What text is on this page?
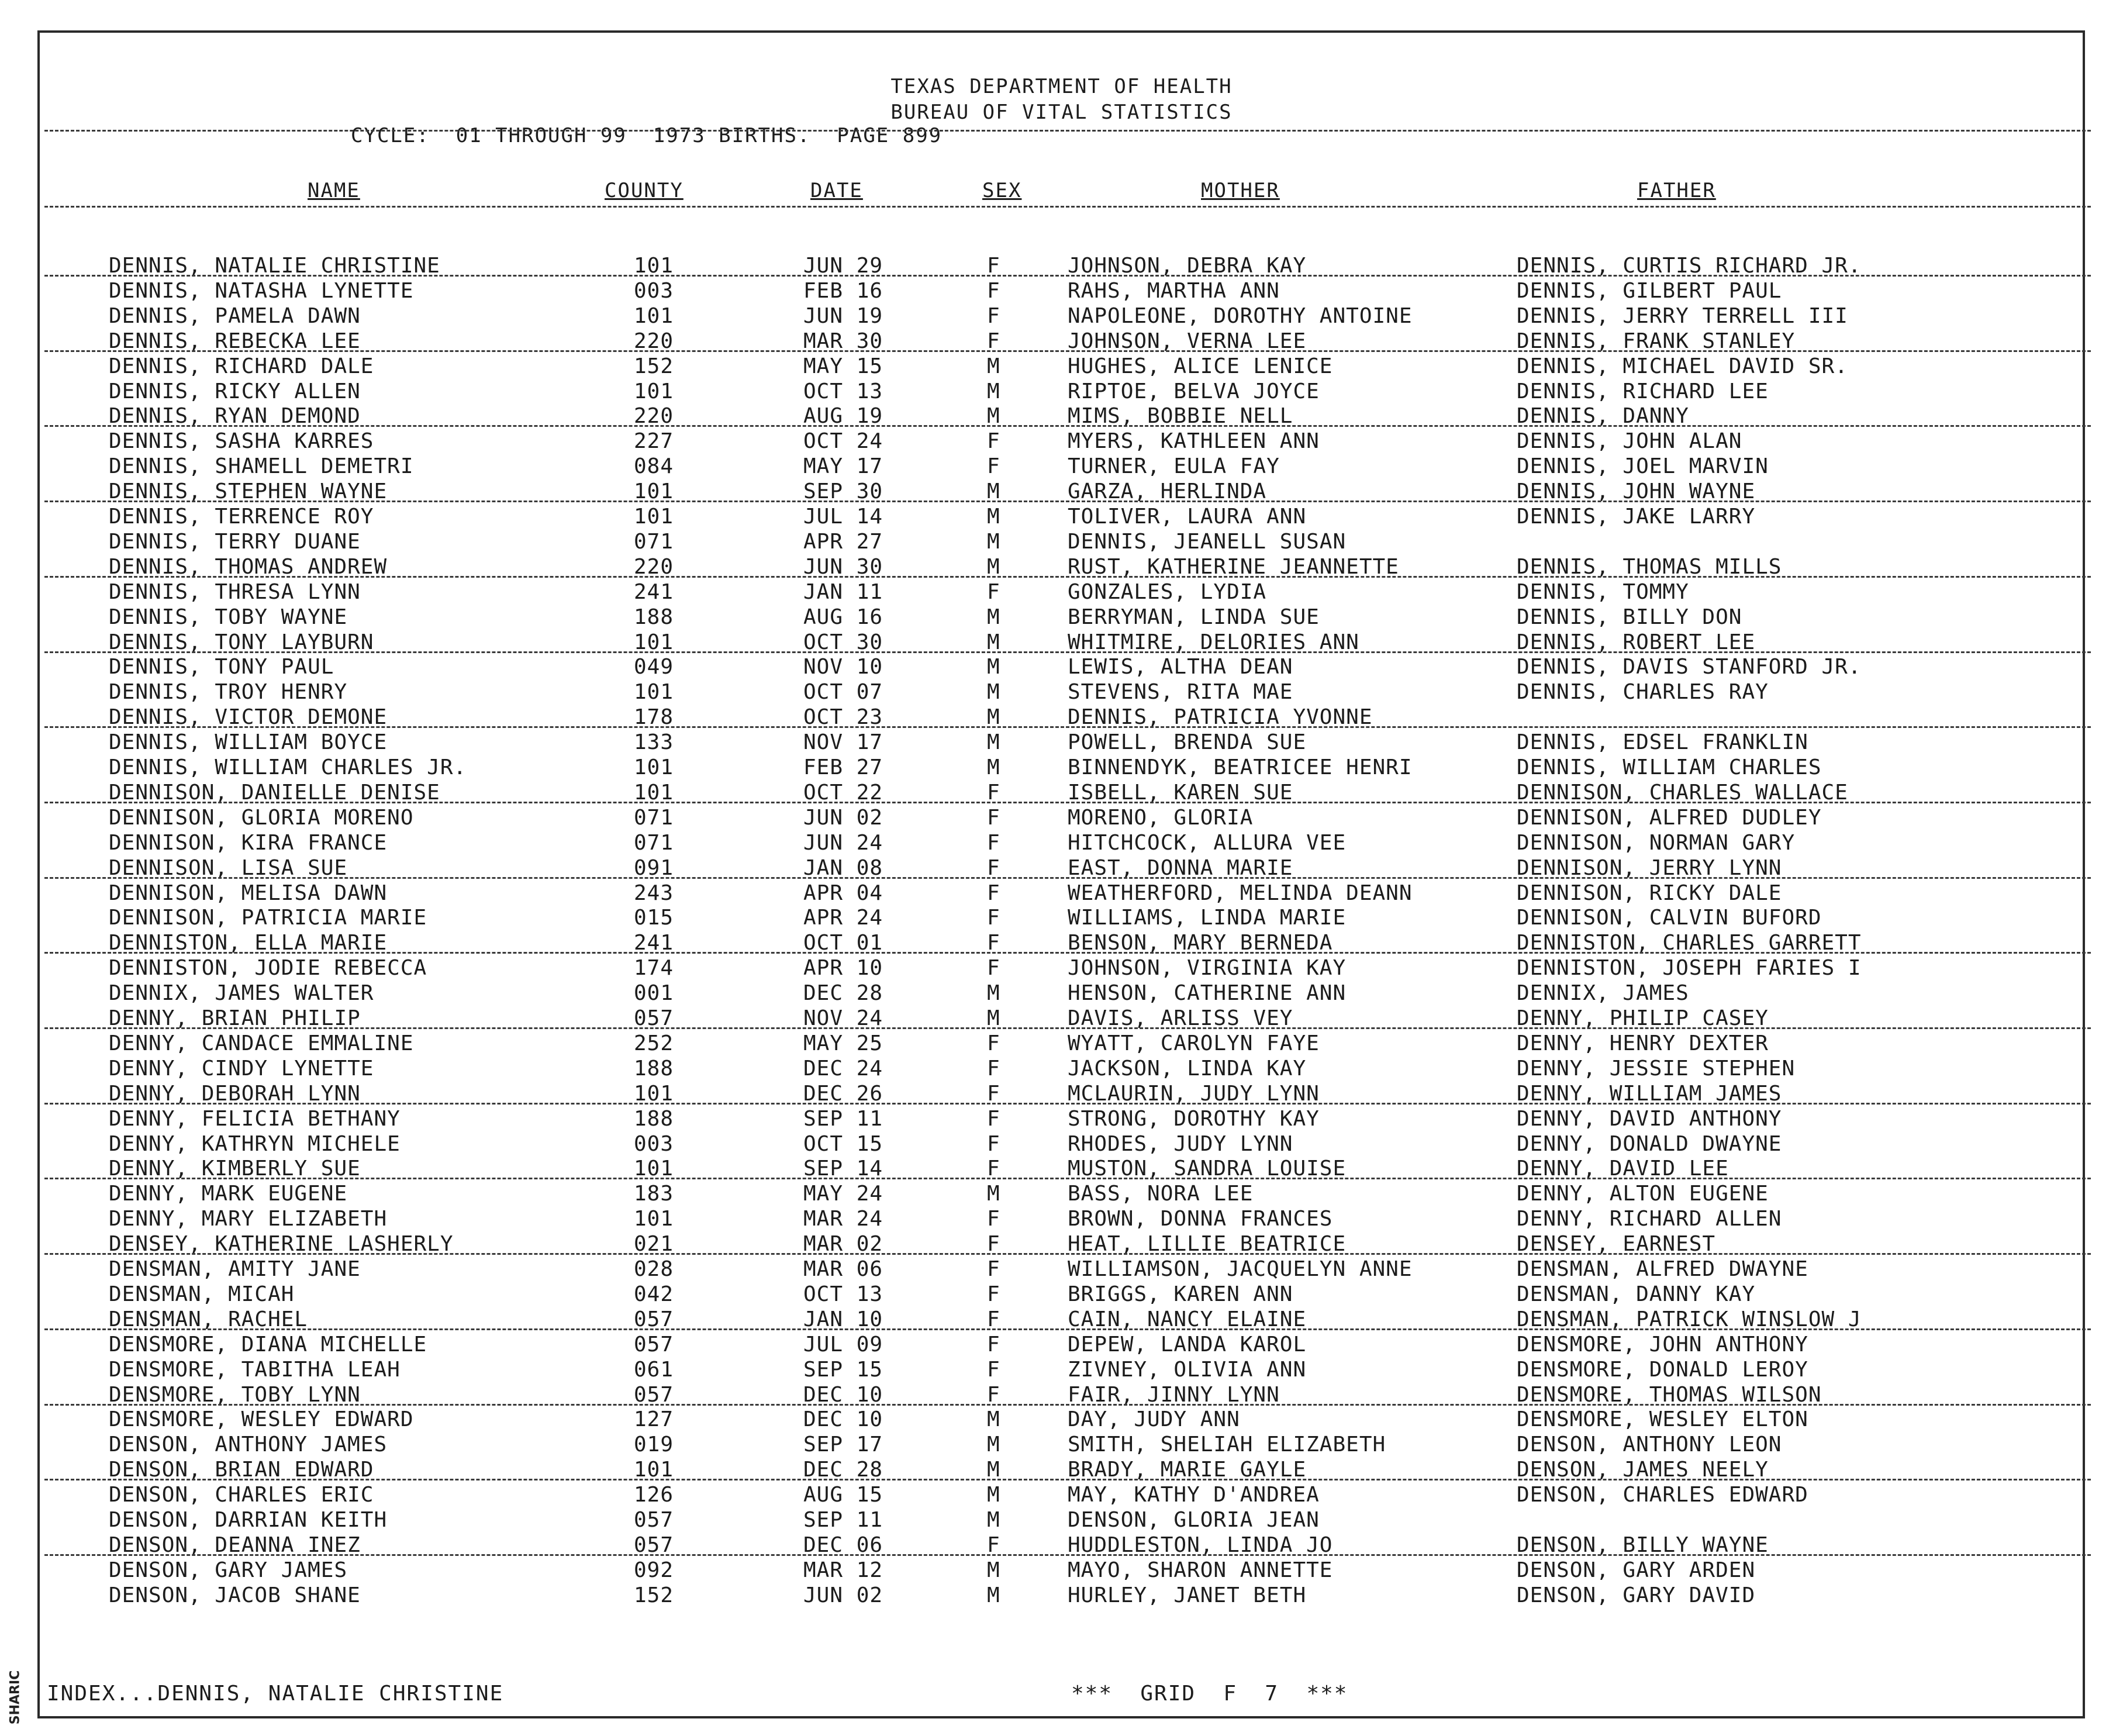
SHARIC
TEXAS DEPARTMENT OF HEALTH
BUREAU OF VITAL STATISTICS
CYCLE:  01 THROUGH 99  1973 BIRTHS.  PAGE 899
NAME	COUNTY	DATE	SEX	MOTHER	FATHER
DENNIS, NATALIE CHRISTINE	101	JUN 29	F	JOHNSON, DEBRA KAY	DENNIS, CURTIS RICHARD JR.
DENNIS, NATASHA LYNETTE	003	FEB 16	F	RAHS, MARTHA ANN	DENNIS, GILBERT PAUL
DENNIS, PAMELA DAWN	101	JUN 19	F	NAPOLEONE, DOROTHY ANTOINE	DENNIS, JERRY TERRELL III
DENNIS, REBECKA LEE	220	MAR 30	F	JOHNSON, VERNA LEE	DENNIS, FRANK STANLEY
DENNIS, RICHARD DALE	152	MAY 15	M	HUGHES, ALICE LENICE	DENNIS, MICHAEL DAVID SR.
DENNIS, RICKY ALLEN	101	OCT 13	M	RIPTOE, BELVA JOYCE	DENNIS, RICHARD LEE
DENNIS, RYAN DEMOND	220	AUG 19	M	MIMS, BOBBIE NELL	DENNIS, DANNY
DENNIS, SASHA KARRES	227	OCT 24	F	MYERS, KATHLEEN ANN	DENNIS, JOHN ALAN
DENNIS, SHAMELL DEMETRI	084	MAY 17	F	TURNER, EULA FAY	DENNIS, JOEL MARVIN
DENNIS, STEPHEN WAYNE	101	SEP 30	M	GARZA, HERLINDA	DENNIS, JOHN WAYNE
DENNIS, TERRENCE ROY	101	JUL 14	M	TOLIVER, LAURA ANN	DENNIS, JAKE LARRY
DENNIS, TERRY DUANE	071	APR 27	M	DENNIS, JEANELL SUSAN
DENNIS, THOMAS ANDREW	220	JUN 30	M	RUST, KATHERINE JEANNETTE	DENNIS, THOMAS MILLS
DENNIS, THRESA LYNN	241	JAN 11	F	GONZALES, LYDIA	DENNIS, TOMMY
DENNIS, TOBY WAYNE	188	AUG 16	M	BERRYMAN, LINDA SUE	DENNIS, BILLY DON
DENNIS, TONY LAYBURN	101	OCT 30	M	WHITMIRE, DELORIES ANN	DENNIS, ROBERT LEE
DENNIS, TONY PAUL	049	NOV 10	M	LEWIS, ALTHA DEAN	DENNIS, DAVIS STANFORD JR.
DENNIS, TROY HENRY	101	OCT 07	M	STEVENS, RITA MAE	DENNIS, CHARLES RAY
DENNIS, VICTOR DEMONE	178	OCT 23	M	DENNIS, PATRICIA YVONNE
DENNIS, WILLIAM BOYCE	133	NOV 17	M	POWELL, BRENDA SUE	DENNIS, EDSEL FRANKLIN
DENNIS, WILLIAM CHARLES JR.	101	FEB 27	M	BINNENDYK, BEATRICEE HENRI	DENNIS, WILLIAM CHARLES
DENNISON, DANIELLE DENISE	101	OCT 22	F	ISBELL, KAREN SUE	DENNISON, CHARLES WALLACE
DENNISON, GLORIA MORENO	071	JUN 02	F	MORENO, GLORIA	DENNISON, ALFRED DUDLEY
DENNISON, KIRA FRANCE	071	JUN 24	F	HITCHCOCK, ALLURA VEE	DENNISON, NORMAN GARY
DENNISON, LISA SUE	091	JAN 08	F	EAST, DONNA MARIE	DENNISON, JERRY LYNN
DENNISON, MELISA DAWN	243	APR 04	F	WEATHERFORD, MELINDA DEANN	DENNISON, RICKY DALE
DENNISON, PATRICIA MARIE	015	APR 24	F	WILLIAMS, LINDA MARIE	DENNISON, CALVIN BUFORD
DENNISTON, ELLA MARIE	241	OCT 01	F	BENSON, MARY BERNEDA	DENNISTON, CHARLES GARRETT
DENNISTON, JODIE REBECCA	174	APR 10	F	JOHNSON, VIRGINIA KAY	DENNISTON, JOSEPH FARIES I
DENNIX, JAMES WALTER	001	DEC 28	M	HENSON, CATHERINE ANN	DENNIX, JAMES
DENNY, BRIAN PHILIP	057	NOV 24	M	DAVIS, ARLISS VEY	DENNY, PHILIP CASEY
DENNY, CANDACE EMMALINE	252	MAY 25	F	WYATT, CAROLYN FAYE	DENNY, HENRY DEXTER
DENNY, CINDY LYNETTE	188	DEC 24	F	JACKSON, LINDA KAY	DENNY, JESSIE STEPHEN
DENNY, DEBORAH LYNN	101	DEC 26	F	MCLAURIN, JUDY LYNN	DENNY, WILLIAM JAMES
DENNY, FELICIA BETHANY	188	SEP 11	F	STRONG, DOROTHY KAY	DENNY, DAVID ANTHONY
DENNY, KATHRYN MICHELE	003	OCT 15	F	RHODES, JUDY LYNN	DENNY, DONALD DWAYNE
DENNY, KIMBERLY SUE	101	SEP 14	F	MUSTON, SANDRA LOUISE	DENNY, DAVID LEE
DENNY, MARK EUGENE	183	MAY 24	M	BASS, NORA LEE	DENNY, ALTON EUGENE
DENNY, MARY ELIZABETH	101	MAR 24	F	BROWN, DONNA FRANCES	DENNY, RICHARD ALLEN
DENSEY, KATHERINE LASHERLY	021	MAR 02	F	HEAT, LILLIE BEATRICE	DENSEY, EARNEST
DENSMAN, AMITY JANE	028	MAR 06	F	WILLIAMSON, JACQUELYN ANNE	DENSMAN, ALFRED DWAYNE
DENSMAN, MICAH	042	OCT 13	F	BRIGGS, KAREN ANN	DENSMAN, DANNY KAY
DENSMAN, RACHEL	057	JAN 10	F	CAIN, NANCY ELAINE	DENSMAN, PATRICK WINSLOW J
DENSMORE, DIANA MICHELLE	057	JUL 09	F	DEPEW, LANDA KAROL	DENSMORE, JOHN ANTHONY
DENSMORE, TABITHA LEAH	061	SEP 15	F	ZIVNEY, OLIVIA ANN	DENSMORE, DONALD LEROY
DENSMORE, TOBY LYNN	057	DEC 10	F	FAIR, JINNY LYNN	DENSMORE, THOMAS WILSON
DENSMORE, WESLEY EDWARD	127	DEC 10	M	DAY, JUDY ANN	DENSMORE, WESLEY ELTON
DENSON, ANTHONY JAMES	019	SEP 17	M	SMITH, SHELIAH ELIZABETH	DENSON, ANTHONY LEON
DENSON, BRIAN EDWARD	101	DEC 28	M	BRADY, MARIE GAYLE	DENSON, JAMES NEELY
DENSON, CHARLES ERIC	126	AUG 15	M	MAY, KATHY D'ANDREA	DENSON, CHARLES EDWARD
DENSON, DARRIAN KEITH	057	SEP 11	M	DENSON, GLORIA JEAN
DENSON, DEANNA INEZ	057	DEC 06	F	HUDDLESTON, LINDA JO	DENSON, BILLY WAYNE
DENSON, GARY JAMES	092	MAR 12	M	MAYO, SHARON ANNETTE	DENSON, GARY ARDEN
DENSON, JACOB SHANE	152	JUN 02	M	HURLEY, JANET BETH	DENSON, GARY DAVID
INDEX...DENNIS, NATALIE CHRISTINE	***  GRID  F  7  ***
